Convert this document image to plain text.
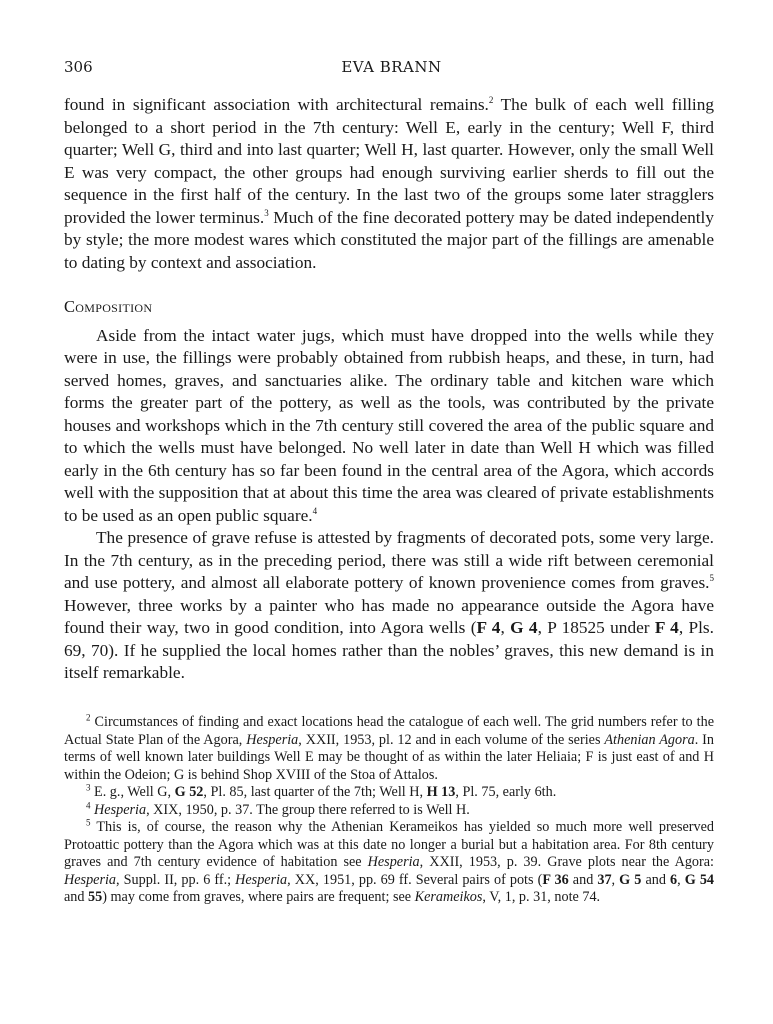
306	EVA BRANN

found in significant association with architectural remains.$^2$ The bulk of each well filling belonged to a short period in the 7th century: Well E, early in the century; Well F, third quarter; Well G, third and into last quarter; Well H, last quarter. However, only the small Well E was very compact, the other groups had enough surviving earlier sherds to fill out the sequence in the first half of the century. In the last two of the groups some later stragglers provided the lower terminus.$^3$ Much of the fine decorated pottery may be dated independently by style; the more modest wares which constituted the major part of the fillings are amenable to dating by context and association.

Composition

Aside from the intact water jugs, which must have dropped into the wells while they were in use, the fillings were probably obtained from rubbish heaps, and these, in turn, had served homes, graves, and sanctuaries alike. The ordinary table and kitchen ware which forms the greater part of the pottery, as well as the tools, was contributed by the private houses and workshops which in the 7th century still covered the area of the public square and to which the wells must have belonged. No well later in date than Well H which was filled early in the 6th century has so far been found in the central area of the Agora, which accords well with the supposition that at about this time the area was cleared of private establishments to be used as an open public square.$^4$

The presence of grave refuse is attested by fragments of decorated pots, some very large. In the 7th century, as in the preceding period, there was still a wide rift between ceremonial and use pottery, and almost all elaborate pottery of known provenience comes from graves.$^5$ However, three works by a painter who has made no appearance outside the Agora have found their way, two in good condition, into Agora wells (F 4, G 4, P 18525 under F 4, Pls. 69, 70). If he supplied the local homes rather than the nobles’ graves, this new demand is in itself remarkable.

$^2$ Circumstances of finding and exact locations head the catalogue of each well. The grid numbers refer to the Actual State Plan of the Agora, Hesperia, XXII, 1953, pl. 12 and in each volume of the series Athenian Agora. In terms of well known later buildings Well E may be thought of as within the later Heliaia; F is just east of and H within the Odeion; G is behind Shop XVIII of the Stoa of Attalos.

$^3$ E. g., Well G, G 52, Pl. 85, last quarter of the 7th; Well H, H 13, Pl. 75, early 6th.

$^4$ Hesperia, XIX, 1950, p. 37. The group there referred to is Well H.

$^5$ This is, of course, the reason why the Athenian Kerameikos has yielded so much more well preserved Protoattic pottery than the Agora which was at this date no longer a burial but a habitation area. For 8th century graves and 7th century evidence of habitation see Hesperia, XXII, 1953, p. 39. Grave plots near the Agora: Hesperia, Suppl. II, pp. 6 ff.; Hesperia, XX, 1951, pp. 69 ff. Several pairs of pots (F 36 and 37, G 5 and 6, G 54 and 55) may come from graves, where pairs are frequent; see Kerameikos, V, 1, p. 31, note 74.
